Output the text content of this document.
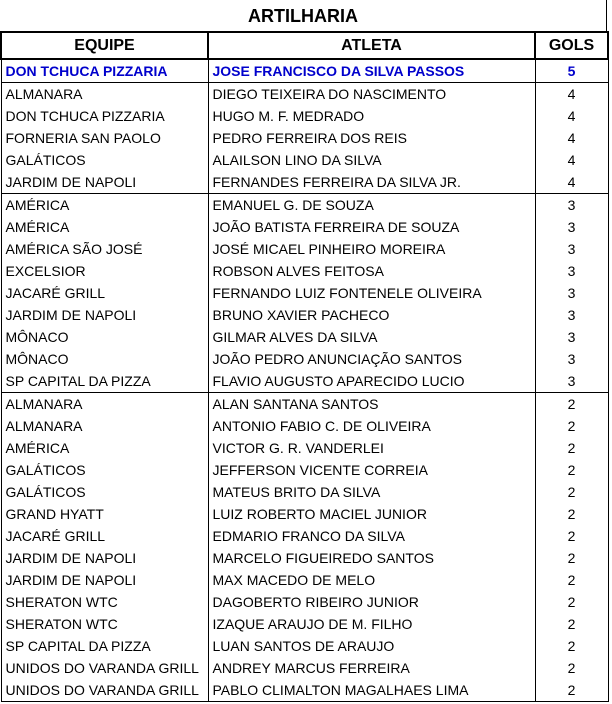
ARTILHARIA
EQUIPE	ATLETA	GOLS
DON TCHUCA PIZZARIA	JOSE FRANCISCO DA SILVA PASSOS	5
ALMANARA	DIEGO TEIXEIRA DO NASCIMENTO	4
DON TCHUCA PIZZARIA	HUGO M. F. MEDRADO	4
FORNERIA SAN PAOLO	PEDRO FERREIRA DOS REIS	4
GALÁTICOS	ALAILSON LINO DA SILVA	4
JARDIM DE NAPOLI	FERNANDES FERREIRA DA SILVA JR.	4
AMÉRICA	EMANUEL G. DE SOUZA	3
AMÉRICA	JOÃO BATISTA FERREIRA DE SOUZA	3
AMÉRICA SÃO JOSÉ	JOSÉ MICAEL PINHEIRO MOREIRA	3
EXCELSIOR	ROBSON ALVES FEITOSA	3
JACARÉ GRILL	FERNANDO LUIZ FONTENELE OLIVEIRA	3
JARDIM DE NAPOLI	BRUNO XAVIER PACHECO	3
MÔNACO	GILMAR ALVES DA SILVA	3
MÔNACO	JOÃO PEDRO ANUNCIAÇÃO SANTOS	3
SP CAPITAL DA PIZZA	FLAVIO AUGUSTO APARECIDO LUCIO	3
ALMANARA	ALAN SANTANA SANTOS	2
ALMANARA	ANTONIO FABIO C. DE OLIVEIRA	2
AMÉRICA	VICTOR G. R. VANDERLEI	2
GALÁTICOS	JEFFERSON VICENTE CORREIA	2
GALÁTICOS	MATEUS BRITO DA SILVA	2
GRAND HYATT	LUIZ ROBERTO MACIEL JUNIOR	2
JACARÉ GRILL	EDMARIO FRANCO DA SILVA	2
JARDIM DE NAPOLI	MARCELO FIGUEIREDO SANTOS	2
JARDIM DE NAPOLI	MAX MACEDO DE MELO	2
SHERATON WTC	DAGOBERTO RIBEIRO JUNIOR	2
SHERATON WTC	IZAQUE ARAUJO DE M. FILHO	2
SP CAPITAL DA PIZZA	LUAN SANTOS DE ARAUJO	2
UNIDOS DO VARANDA GRILL	ANDREY MARCUS FERREIRA	2
UNIDOS DO VARANDA GRILL	PABLO CLIMALTON MAGALHAES LIMA	2
